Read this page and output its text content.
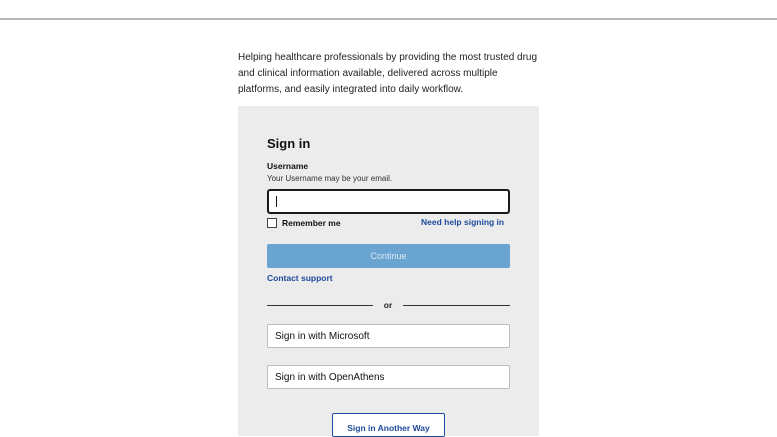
Helping healthcare professionals by providing the most trusted drug and clinical information available, delivered across multiple platforms, and easily integrated into daily workflow.

Sign in
Username
Your Username may be your email.
Remember me	Need help signing in
Continue
Contact support
or
Sign in with Microsoft
Sign in with OpenAthens
Sign in Another Way
